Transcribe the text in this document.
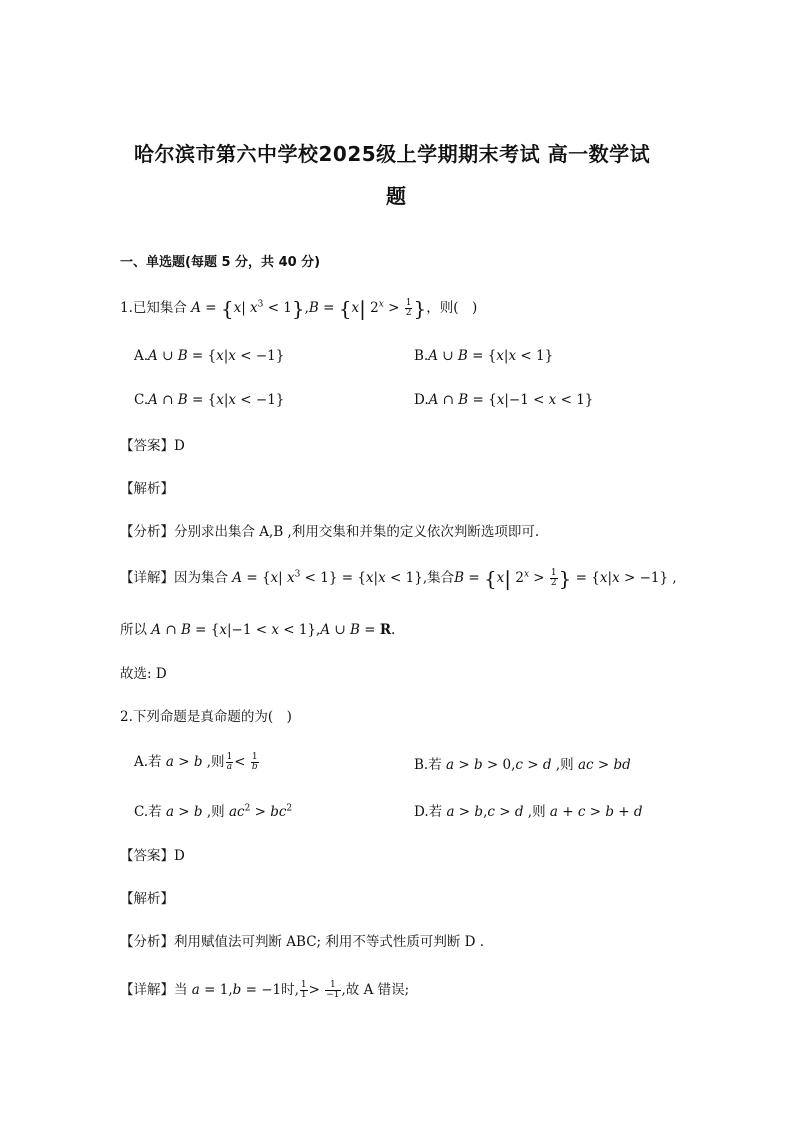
哈尔滨市第六中学校2025级上学期期末考试 高一数学试
题
一、单选题(每题 5 分，共 40 分)
1.已知集合 A = {x| $x^3 < 1\},B = \{x|$ $2^x > \frac{1}{2}$ }，则(　)
A.A ∪ B = {x|x < −1}	B.A ∪ B = {x|x < 1}
C.A ∩ B = {x|x < −1}	D.A ∩ B = {x|−1 < x < 1}
【答案】D
【解析】
【分析】分别求出集合 A,B ,利用交集和并集的定义依次判断选项即可.
【详解】因为集合 A = {x| $x^3 < 1\} = \{x|x < 1\}$,集合B = {x| $2^x > \frac{1}{2}$ } = {x|x > −1} ,
所以 A ∩ B = {x|−1 < x < 1},A ∪ B = R.
故选: D
2.下列命题是真命题的为(　)
A.若 a > b ,则 $\frac{1}{a} < \frac{1}{b}$	B.若 a > b > 0,c > d ,则 ac > bd
C.若 a > b ,则 $ac^2 > bc^2$	D.若 a > b,c > d ,则 a + c > b + d
【答案】D
【解析】
【分析】利用赋值法可判断 ABC; 利用不等式性质可判断 D .
【详解】当 a = 1,b = −1时, $\frac{1}{1} > \frac{1}{-1}$ ,故 A 错误;
